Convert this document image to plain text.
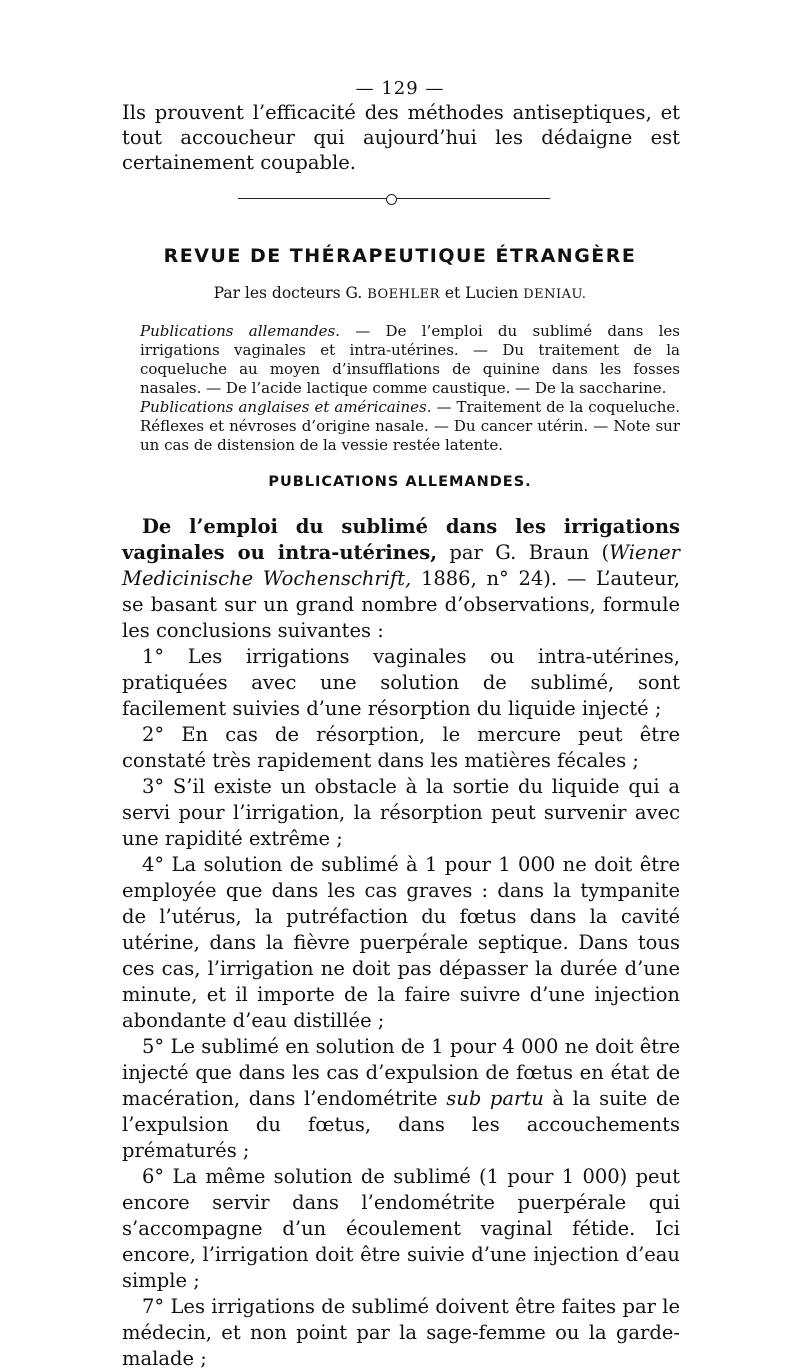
— 129 —
Ils prouvent l’efficacité des méthodes antiseptiques, et tout accoucheur qui aujourd’hui les dédaigne est certainement coupable.
REVUE DE THÉRAPEUTIQUE ÉTRANGÈRE
Par les docteurs G. BOEHLER et Lucien DENIAU.

Publications allemandes. — De l’emploi du sublimé dans les irrigations vaginales et intra-utérines. — Du traitement de la coqueluche au moyen d’insufflations de quinine dans les fosses nasales. — De l’acide lactique comme caustique. — De la saccharine.

Publications anglaises et américaines. — Traitement de la coqueluche. Réflexes et névroses d’origine nasale. — Du cancer utérin. — Note sur un cas de distension de la vessie restée latente.

PUBLICATIONS ALLEMANDES.

De l’emploi du sublimé dans les irrigations vaginales ou intra-utérines, par G. Braun (Wiener Medicinische Wochenschrift, 1886, n° 24). — L’auteur, se basant sur un grand nombre d’observations, formule les conclusions suivantes :

1° Les irrigations vaginales ou intra-utérines, pratiquées avec une solution de sublimé, sont facilement suivies d’une résorption du liquide injecté ;

2° En cas de résorption, le mercure peut être constaté très rapidement dans les matières fécales ;

3° S’il existe un obstacle à la sortie du liquide qui a servi pour l’irrigation, la résorption peut survenir avec une rapidité extrême ;

4° La solution de sublimé à 1 pour 1 000 ne doit être employée que dans les cas graves : dans la tympanite de l’utérus, la putréfaction du fœtus dans la cavité utérine, dans la fièvre puerpérale septique. Dans tous ces cas, l’irrigation ne doit pas dépasser la durée d’une minute, et il importe de la faire suivre d’une injection abondante d’eau distillée ;

5° Le sublimé en solution de 1 pour 4 000 ne doit être injecté que dans les cas d’expulsion de fœtus en état de macération, dans l’endométrite sub partu à la suite de l’expulsion du fœtus, dans les accouchements prématurés ;

6° La même solution de sublimé (1 pour 1 000) peut encore servir dans l’endométrite puerpérale qui s’accompagne d’un écoulement vaginal fétide. Ici encore, l’irrigation doit être suivie d’une injection d’eau simple ;

7° Les irrigations de sublimé doivent être faites par le médecin, et non point par la sage-femme ou la garde-malade ;
